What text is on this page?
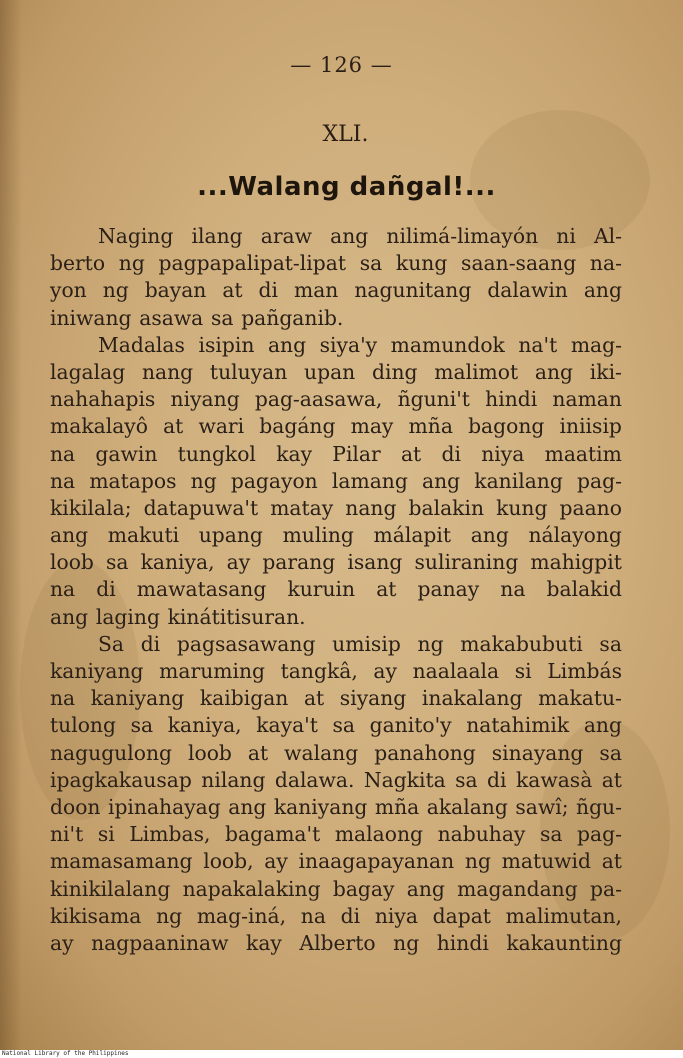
— 126 —
XLI.
...Walang dañgal!...
Naging ilang araw ang nilimá-limayón ni Al-
berto ng pagpapalipat-lipat sa kung saan-saang na-
yon ng bayan at di man nagunitang dalawin ang
iniwang asawa sa pañganib.
Madalas isipin ang siya'y mamundok na't mag-
lagalag nang tuluyan upan ding malimot ang iki-
nahahapis niyang pag-aasawa, ñguni't hindi naman
makalayô at wari bagáng may mña bagong iniisip
na gawin tungkol kay Pilar at di niya maatim
na matapos ng pagayon lamang ang kanilang pag-
kikilala; datapuwa't matay nang balakin kung paano
ang makuti upang muling málapit ang nálayong
loob sa kaniya, ay parang isang suliraning mahigpit
na di mawatasang kuruin at panay na balakid
ang laging kinátitisuran.
Sa di pagsasawang umisip ng makabubuti sa
kaniyang maruming tangkâ, ay naalaala si Limbás
na kaniyang kaibigan at siyang inakalang makatu-
tulong sa kaniya, kaya't sa ganito'y natahimik ang
nagugulong loob at walang panahong sinayang sa
ipagkakausap nilang dalawa. Nagkita sa di kawasà at
doon ipinahayag ang kaniyang mña akalang sawî; ñgu-
ni't si Limbas, bagama't malaong nabuhay sa pag-
mamasamang loob, ay inaagapayanan ng matuwid at
kinikilalang napakalaking bagay ang magandang pa-
kikisama ng mag-iná, na di niya dapat malimutan,
ay nagpaaninaw kay Alberto ng hindi kakaunting
National Library of the Philippines
